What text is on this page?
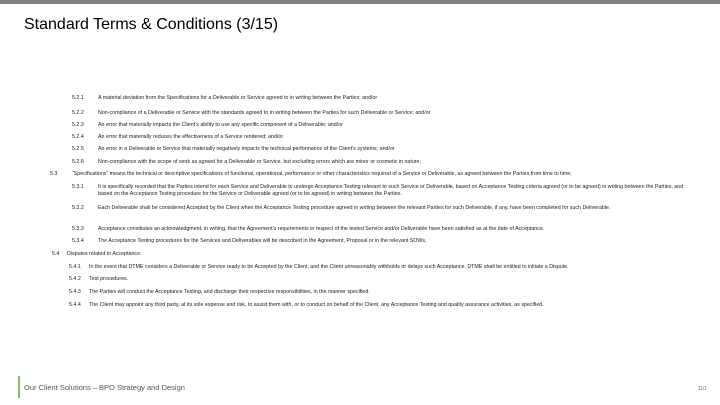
Standard Terms & Conditions (3/15)
5.2.1	A material deviation from the Specifications for a Deliverable or Service agreed to in writing between the Parties; and/or
5.2.2	Non-compliance of a Deliverable or Service with the standards agreed to in writing between the Parties for such Deliverable or Service; and/or
5.2.3	An error that materially impacts the Client’s ability to use any specific component of a Deliverable; and/or
5.2.4	An error that materially reduces the effectiveness of a Service rendered; and/or
5.2.5	An error in a Deliverable or Service that materially negatively impacts the technical performance of the Client’s systems; and/or
5.2.6	Non-compliance with the scope of work as agreed for a Deliverable or Service, but excluding errors which are minor or cosmetic in nature;
5.3	“Specifications” means the technical or descriptive specifications of functional, operational, performance or other characteristics required of a Service or Deliverable, as agreed between the Parties from time to time;
5.3.1	It is specifically recorded that the Parties intend for each Service and Deliverable to undergo Acceptance Testing relevant to such Service or Deliverable, based on Acceptance Testing criteria agreed (or to be agreed) in writing between the Parties, and based on the Acceptance Testing procedure for the Service or Deliverable agreed (or to be agreed) in writing between the Parties.
5.3.2	Each Deliverable shall be considered Accepted by the Client when the Acceptance Testing procedure agreed in writing between the relevant Parties for such Deliverable, if any, have been completed for such Deliverable.
5.3.3	Acceptance constitutes an acknowledgment, in writing, that the Agreement’s requirements in respect of the tested Service and/or Deliverable have been satisfied as at the date of Acceptance.
5.3.4	The Acceptance Testing procedures for the Services and Deliverables will be described in the Agreement, Proposal or in the relevant SOWs.
5.4 Disputes related to Acceptance.
5.4.1 In the event that DTME considers a Deliverable or Service ready to be Accepted by the Client, and the Client unreasonably withholds or delays such Acceptance, DTME shall be entitled to initiate a Dispute.
5.4.2 Test procedures.
5.4.3 The Parties will conduct the Acceptance Testing, and discharge their respective responsibilities, in the manner specified.
5.4.4 The Client may appoint any third party, at its sole expense and risk, to assist them with, or to conduct on behalf of the Client, any Acceptance Testing and quality assurance activities, as specified.
Our Client Solutions – BPO Strategy and Design	110
